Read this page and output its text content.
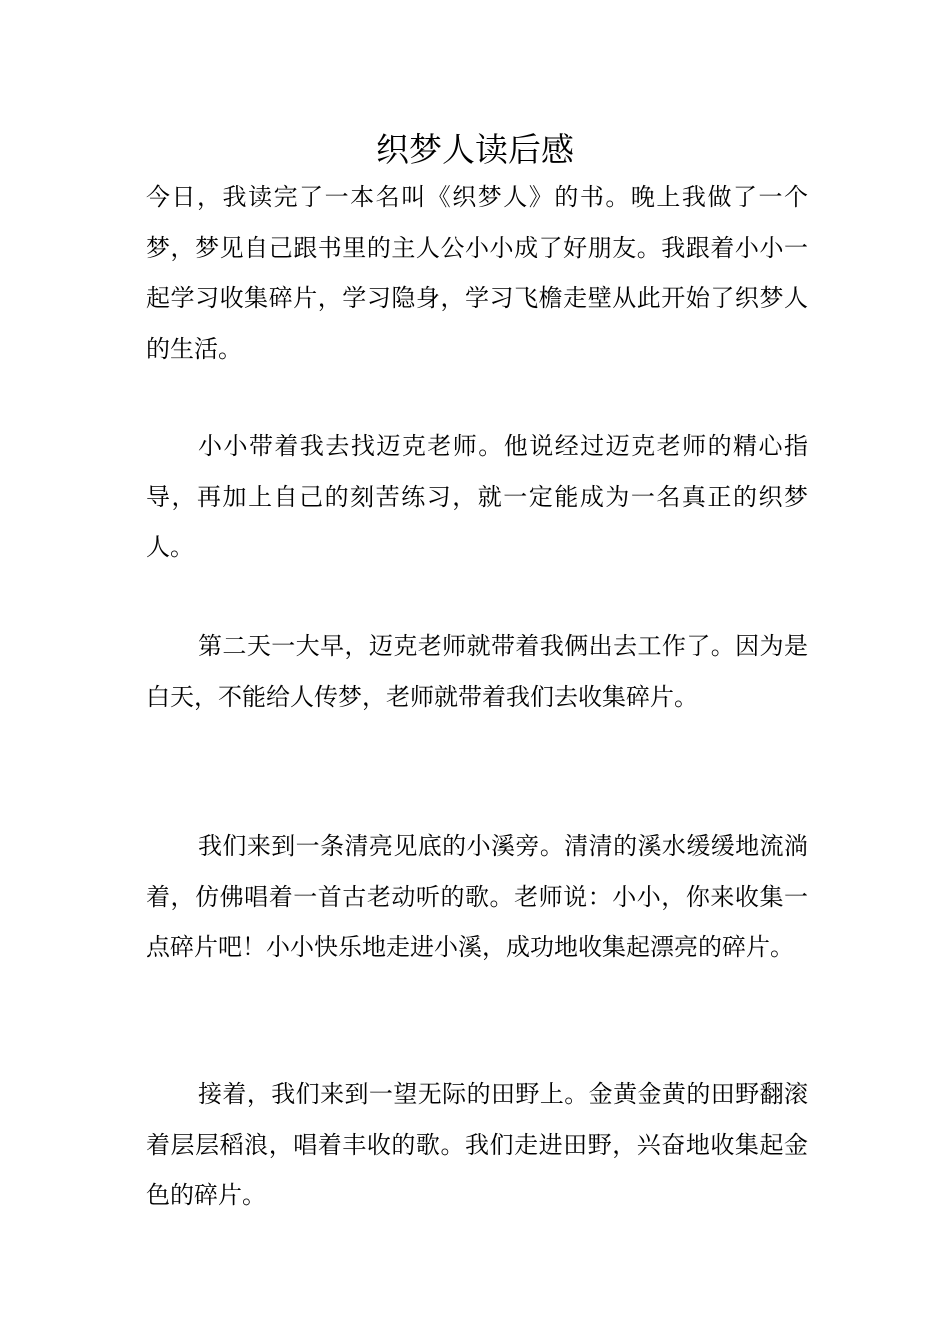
织梦人读后感

今日，我读完了一本名叫《织梦人》的书。晚上我做了一个梦，梦见自己跟书里的主人公小小成了好朋友。我跟着小小一起学习收集碎片，学习隐身，学习飞檐走壁从此开始了织梦人的生活。

小小带着我去找迈克老师。他说经过迈克老师的精心指导，再加上自己的刻苦练习，就一定能成为一名真正的织梦人。

第二天一大早，迈克老师就带着我俩出去工作了。因为是白天，不能给人传梦，老师就带着我们去收集碎片。

我们来到一条清亮见底的小溪旁。清清的溪水缓缓地流淌着，仿佛唱着一首古老动听的歌。老师说：小小，你来收集一点碎片吧！小小快乐地走进小溪，成功地收集起漂亮的碎片。

接着，我们来到一望无际的田野上。金黄金黄的田野翻滚着层层稻浪，唱着丰收的歌。我们走进田野，兴奋地收集起金色的碎片。
